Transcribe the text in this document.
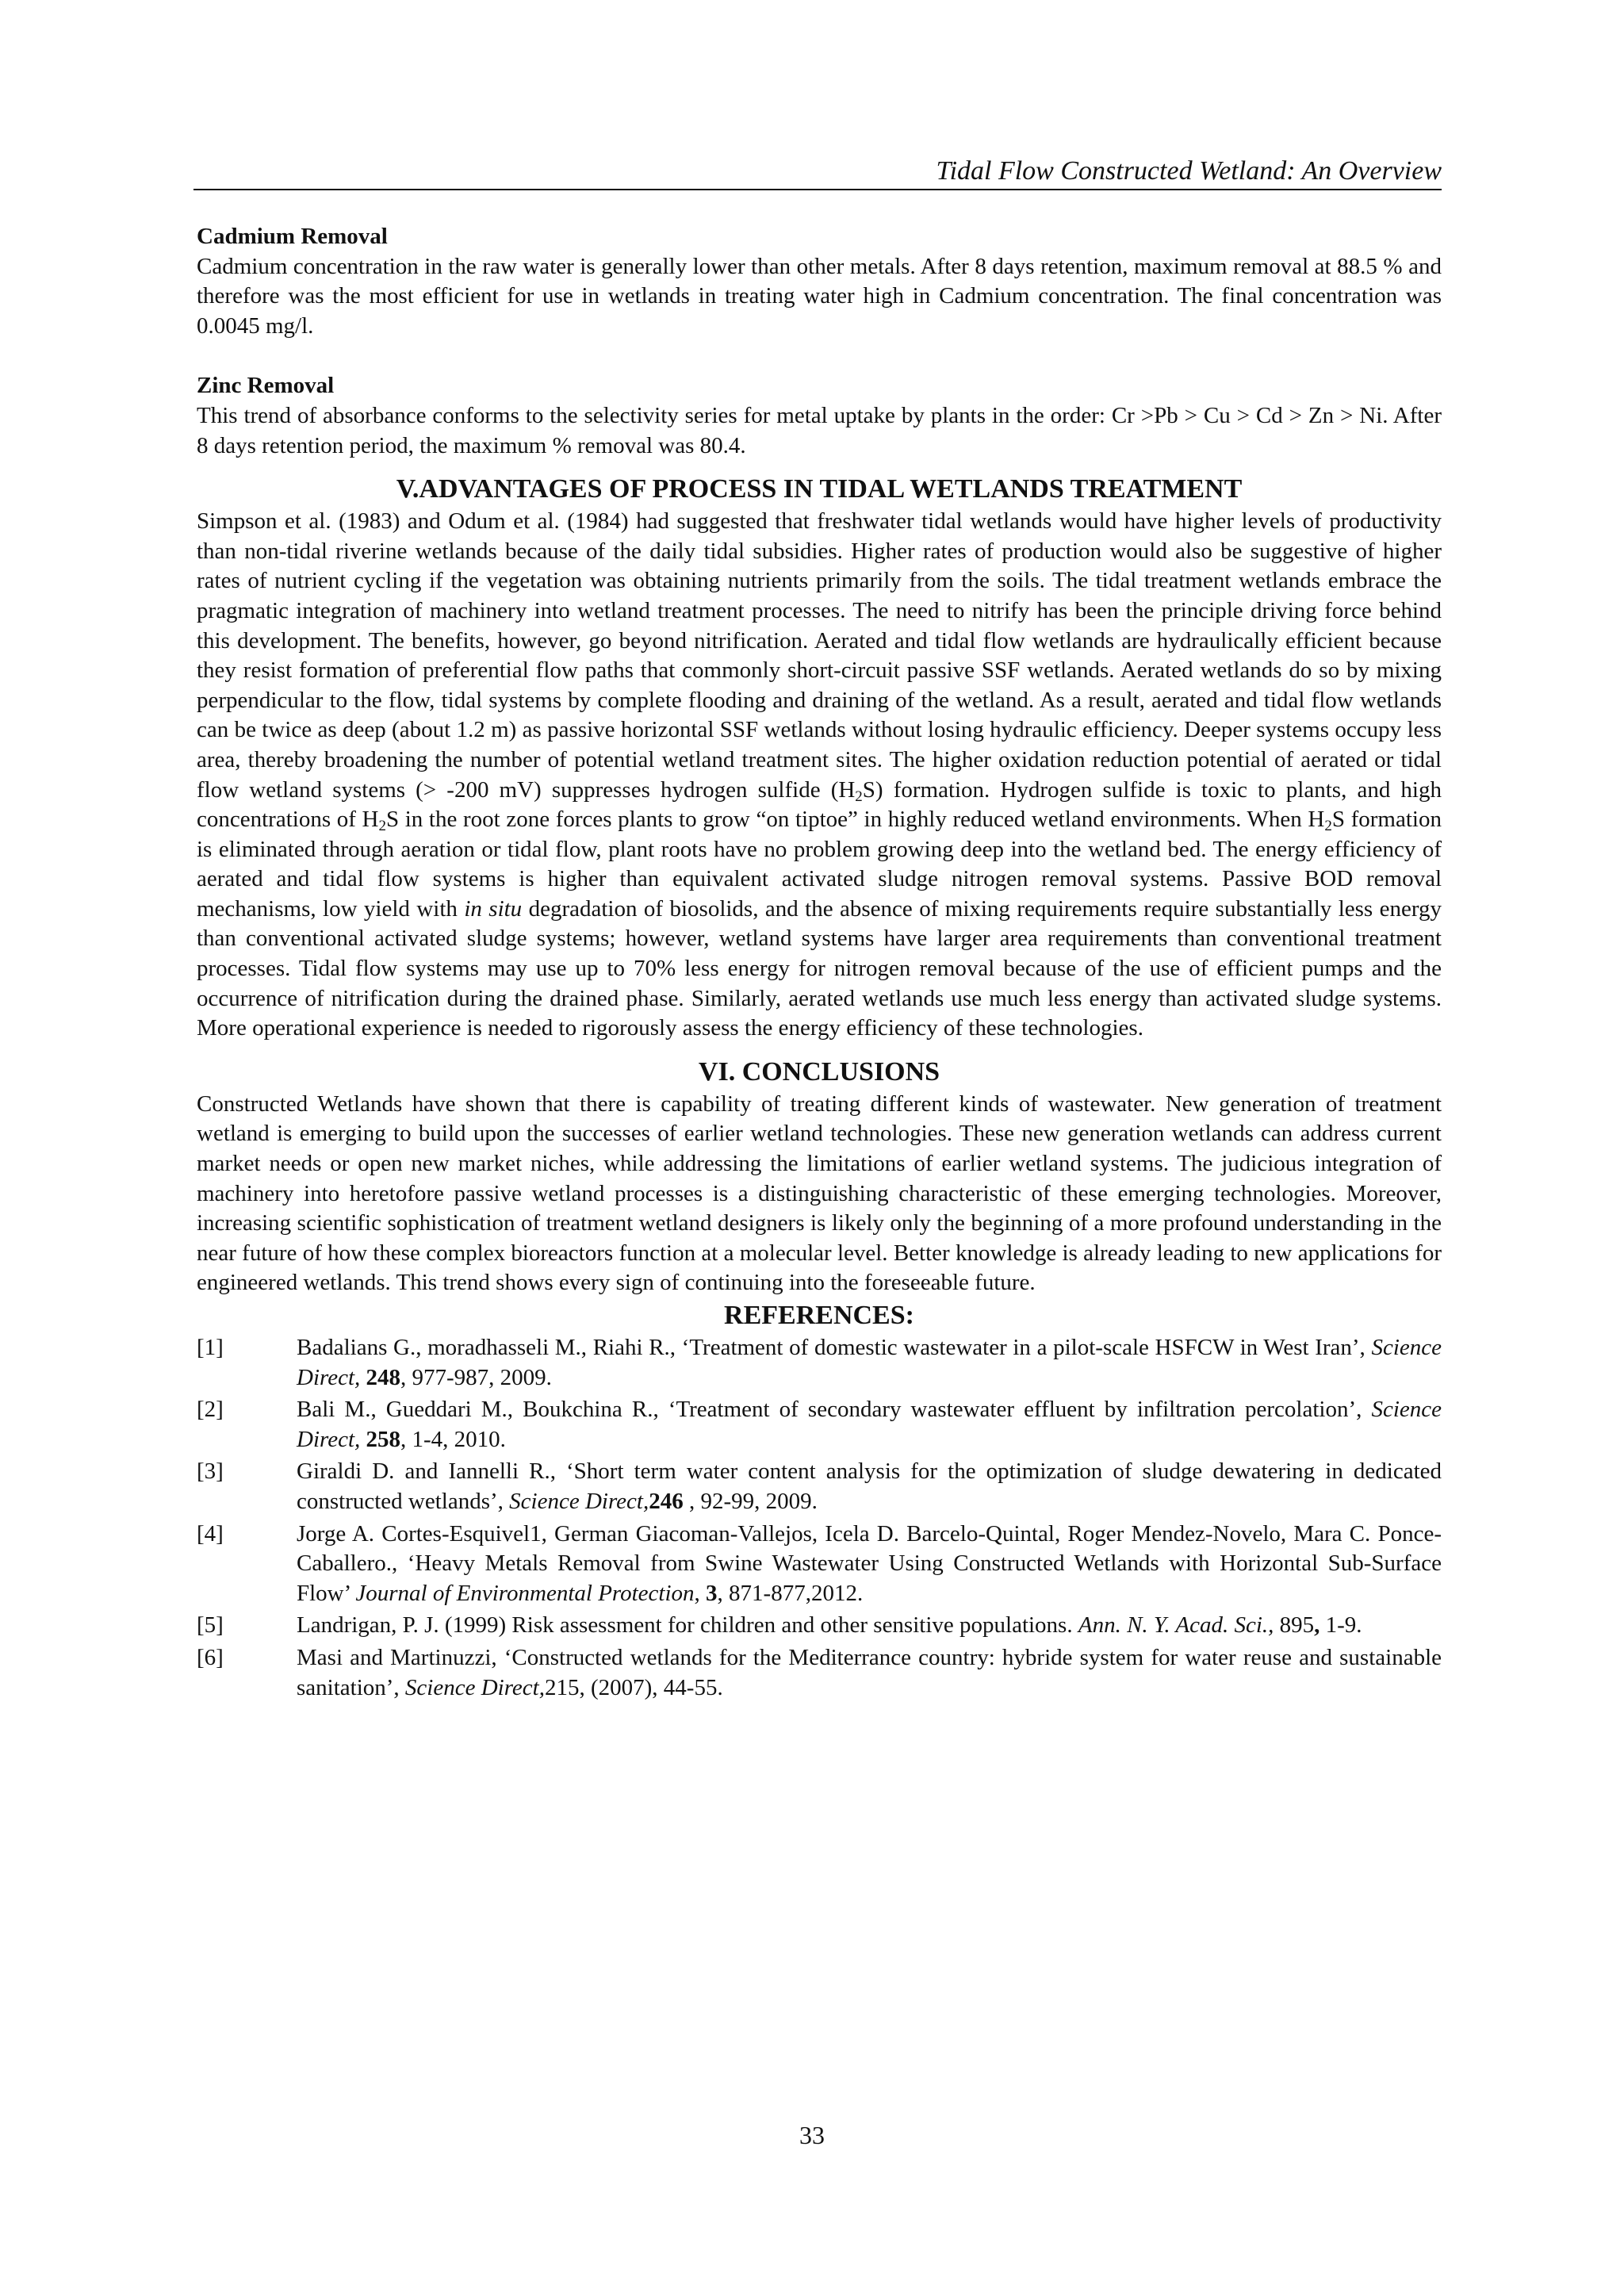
Tidal Flow Constructed Wetland: An Overview

Cadmium Removal

Cadmium concentration in the raw water is generally lower than other metals. After 8 days retention, maximum removal at 88.5 % and therefore was the most efficient for use in wetlands in treating water high in Cadmium concentration. The final concentration was 0.0045 mg/l.

Zinc Removal

This trend of absorbance conforms to the selectivity series for metal uptake by plants in the order: Cr >Pb > Cu > Cd > Zn > Ni. After 8 days retention period, the maximum % removal was 80.4.

V.ADVANTAGES OF PROCESS IN TIDAL WETLANDS TREATMENT

Simpson et al. (1983) and Odum et al. (1984) had suggested that freshwater tidal wetlands would have higher levels of productivity than non-tidal riverine wetlands because of the daily tidal subsidies. Higher rates of production would also be suggestive of higher rates of nutrient cycling if the vegetation was obtaining nutrients primarily from the soils. The tidal treatment wetlands embrace the pragmatic integration of machinery into wetland treatment processes. The need to nitrify has been the principle driving force behind this development. The benefits, however, go beyond nitrification. Aerated and tidal flow wetlands are hydraulically efficient because they resist formation of preferential flow paths that commonly short-circuit passive SSF wetlands. Aerated wetlands do so by mixing perpendicular to the flow, tidal systems by complete flooding and draining of the wetland. As a result, aerated and tidal flow wetlands can be twice as deep (about 1.2 m) as passive horizontal SSF wetlands without losing hydraulic efficiency. Deeper systems occupy less area, thereby broadening the number of potential wetland treatment sites. The higher oxidation reduction potential of aerated or tidal flow wetland systems (> -200 mV) suppresses hydrogen sulfide $(H_2S)$ formation. Hydrogen sulfide is toxic to plants, and high concentrations of $H_2S$ in the root zone forces plants to grow “on tiptoe” in highly reduced wetland environments. When $H_2S$ formation is eliminated through aeration or tidal flow, plant roots have no problem growing deep into the wetland bed. The energy efficiency of aerated and tidal flow systems is higher than equivalent activated sludge nitrogen removal systems. Passive BOD removal mechanisms, low yield with in situ degradation of biosolids, and the absence of mixing requirements require substantially less energy than conventional activated sludge systems; however, wetland systems have larger area requirements than conventional treatment processes. Tidal flow systems may use up to 70% less energy for nitrogen removal because of the use of efficient pumps and the occurrence of nitrification during the drained phase. Similarly, aerated wetlands use much less energy than activated sludge systems. More operational experience is needed to rigorously assess the energy efficiency of these technologies.

VI. CONCLUSIONS

Constructed Wetlands have shown that there is capability of treating different kinds of wastewater. New generation of treatment wetland is emerging to build upon the successes of earlier wetland technologies. These new generation wetlands can address current market needs or open new market niches, while addressing the limitations of earlier wetland systems. The judicious integration of machinery into heretofore passive wetland processes is a distinguishing characteristic of these emerging technologies. Moreover, increasing scientific sophistication of treatment wetland designers is likely only the beginning of a more profound understanding in the near future of how these complex bioreactors function at a molecular level. Better knowledge is already leading to new applications for engineered wetlands. This trend shows every sign of continuing into the foreseeable future.

REFERENCES:

[1]	Badalians G., moradhasseli M., Riahi R., ‘Treatment of domestic wastewater in a pilot-scale HSFCW in West Iran’, Science Direct, 248, 977-987, 2009.

[2]	Bali M., Gueddari M., Boukchina R., ‘Treatment of secondary wastewater effluent by infiltration percolation’, Science Direct, 258, 1-4, 2010.

[3]	Giraldi D. and Iannelli R., ‘Short term water content analysis for the optimization of sludge dewatering in dedicated constructed wetlands’, Science Direct,246 , 92-99, 2009.

[4]	Jorge A. Cortes-Esquivel1, German Giacoman-Vallejos, Icela D. Barcelo-Quintal, Roger Mendez-Novelo, Mara C. Ponce-Caballero., ‘Heavy Metals Removal from Swine Wastewater Using Constructed Wetlands with Horizontal Sub-Surface Flow’ Journal of Environmental Protection, 3, 871-877,2012.

[5]	Landrigan, P. J. (1999) Risk assessment for children and other sensitive populations. Ann. N. Y. Acad. Sci., 895, 1-9.

[6]	Masi and Martinuzzi, ‘Constructed wetlands for the Mediterrance country: hybride system for water reuse and sustainable sanitation’, Science Direct,215, (2007), 44-55.

33
